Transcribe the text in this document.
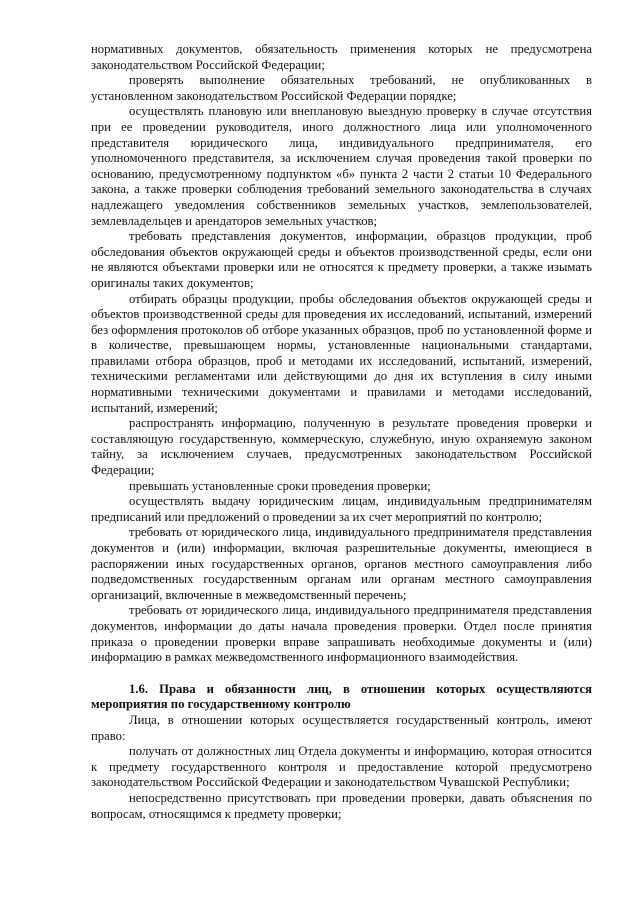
нормативных документов, обязательность применения которых не предусмотрена законодательством Российской Федерации;

проверять выполнение обязательных требований, не опубликованных в установленном законодательством Российской Федерации порядке;

осуществлять плановую или внеплановую выездную проверку в случае отсутствия при ее проведении руководителя, иного должностного лица или уполномоченного представителя юридического лица, индивидуального предпринимателя, его уполномоченного представителя, за исключением случая проведения такой проверки по основанию, предусмотренному подпунктом «б» пункта 2 части 2 статьи 10 Федерального закона, а также проверки соблюдения требований земельного законодательства в случаях надлежащего уведомления собственников земельных участков, землепользователей, землевладельцев и арендаторов земельных участков;

требовать представления документов, информации, образцов продукции, проб обследования объектов окружающей среды и объектов производственной среды, если они не являются объектами проверки или не относятся к предмету проверки, а также изымать оригиналы таких документов;

отбирать образцы продукции, пробы обследования объектов окружающей среды и объектов производственной среды для проведения их исследований, испытаний, измерений без оформления протоколов об отборе указанных образцов, проб по установленной форме и в количестве, превышающем нормы, установленные национальными стандартами, правилами отбора образцов, проб и методами их исследований, испытаний, измерений, техническими регламентами или действующими до дня их вступления в силу иными нормативными техническими документами и правилами и методами исследований, испытаний, измерений;

распространять информацию, полученную в результате проведения проверки и составляющую государственную, коммерческую, служебную, иную охраняемую законом тайну, за исключением случаев, предусмотренных законодательством Российской Федерации;

превышать установленные сроки проведения проверки;

осуществлять выдачу юридическим лицам, индивидуальным предпринимателям предписаний или предложений о проведении за их счет мероприятий по контролю;

требовать от юридического лица, индивидуального предпринимателя представления документов и (или) информации, включая разрешительные документы, имеющиеся в распоряжении иных государственных органов, органов местного самоуправления либо подведомственных государственным органам или органам местного самоуправления организаций, включенные в межведомственный перечень;

требовать от юридического лица, индивидуального предпринимателя представления документов, информации до даты начала проведения проверки. Отдел после принятия приказа о проведении проверки вправе запрашивать необходимые документы и (или) информацию в рамках межведомственного информационного взаимодействия.

1.6. Права и обязанности лиц, в отношении которых осуществляются мероприятия по государственному контролю

Лица, в отношении которых осуществляется государственный контроль, имеют право:

получать от должностных лиц Отдела документы и информацию, которая относится к предмету государственного контроля и предоставление которой предусмотрено законодательством Российской Федерации и законодательством Чувашской Республики;

непосредственно присутствовать при проведении проверки, давать объяснения по вопросам, относящимся к предмету проверки;
